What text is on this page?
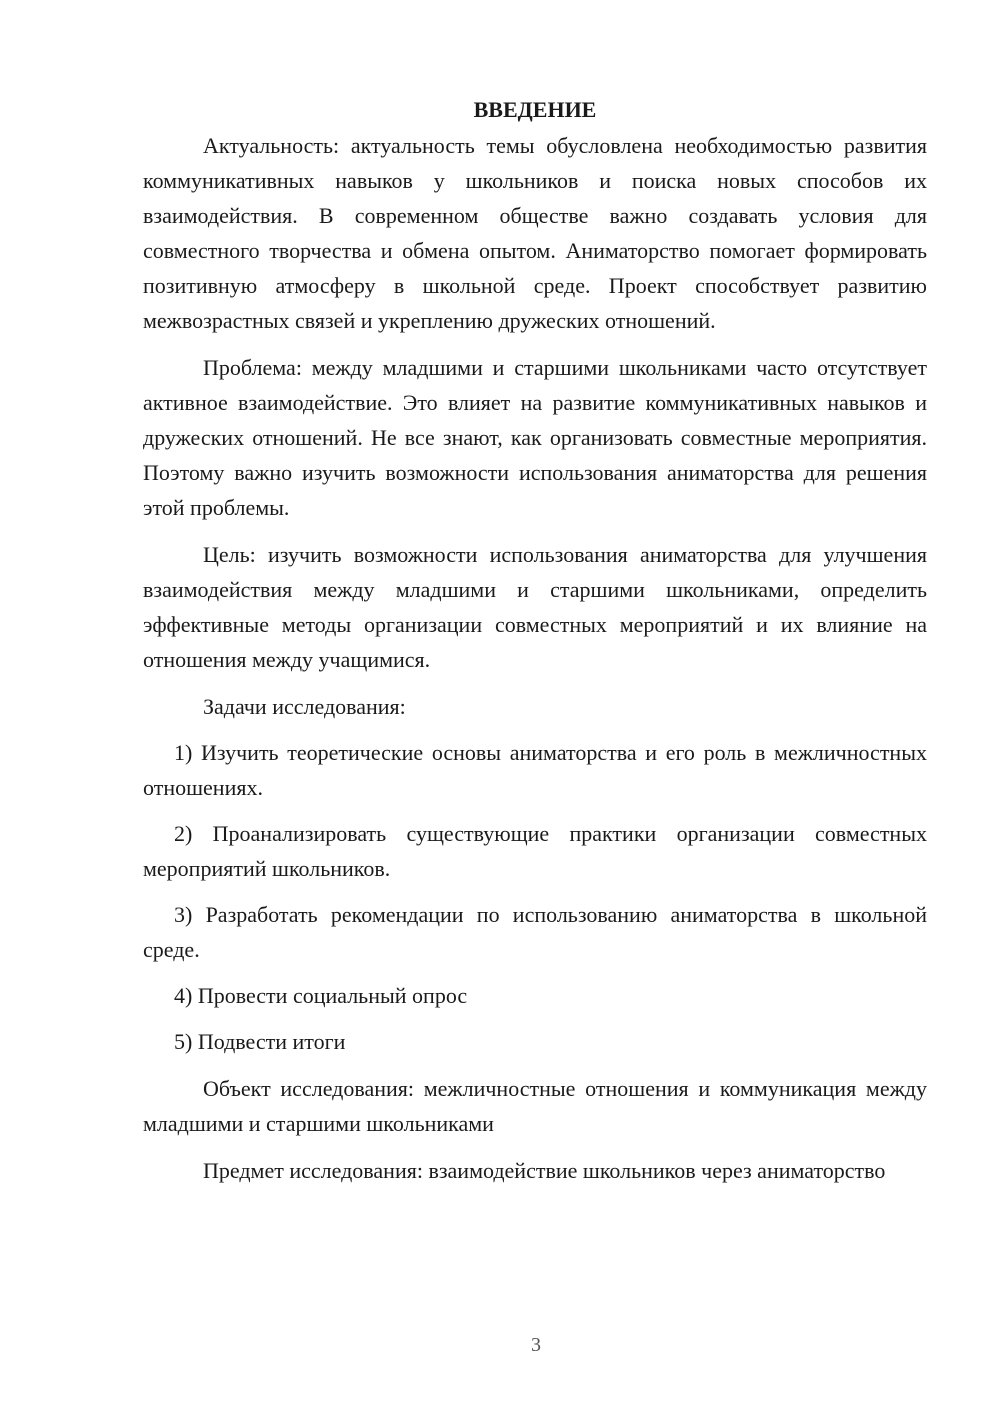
ВВЕДЕНИЕ

Актуальность: актуальность темы обусловлена необходимостью развития коммуникативных навыков у школьников и поиска новых способов их взаимодействия. В современном обществе важно создавать условия для совместного творчества и обмена опытом. Аниматорство помогает формировать позитивную атмосферу в школьной среде. Проект способствует развитию межвозрастных связей и укреплению дружеских отношений.

Проблема: между младшими и старшими школьниками часто отсутствует активное взаимодействие. Это влияет на развитие коммуникативных навыков и дружеских отношений. Не все знают, как организовать совместные мероприятия. Поэтому важно изучить возможности использования аниматорства для решения этой проблемы.

Цель: изучить возможности использования аниматорства для улучшения взаимодействия между младшими и старшими школьниками, определить эффективные методы организации совместных мероприятий и их влияние на отношения между учащимися.

Задачи исследования:

1) Изучить теоретические основы аниматорства и его роль в межличностных отношениях.

2) Проанализировать существующие практики организации совместных мероприятий школьников.

3) Разработать рекомендации по использованию аниматорства в школьной среде.

4) Провести социальный опрос

5) Подвести итоги

Объект исследования: межличностные отношения и коммуникация между младшими и старшими школьниками

Предмет исследования: взаимодействие школьников через аниматорство

3
